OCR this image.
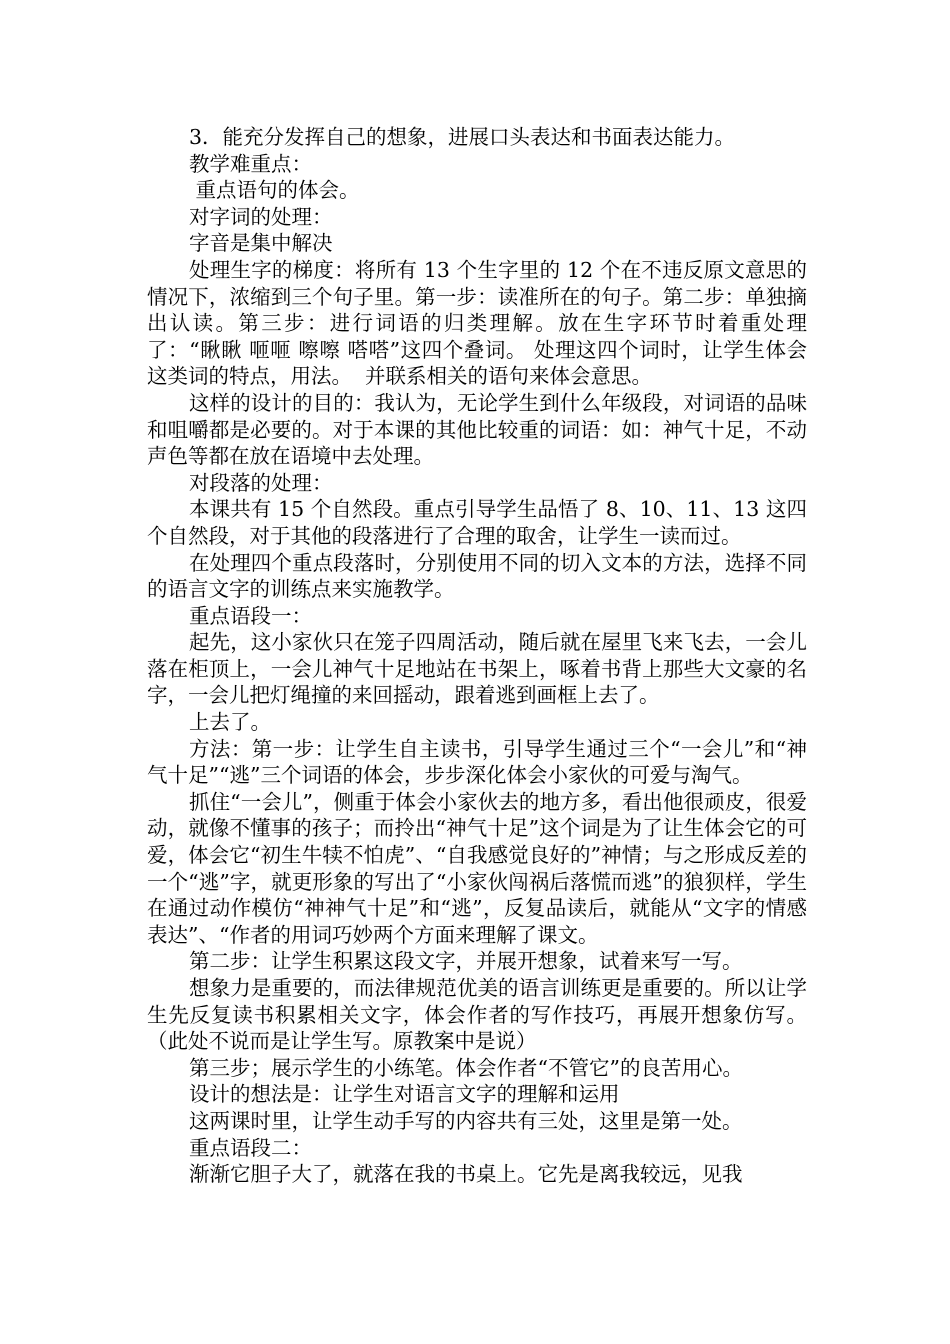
3．能充分发挥自己的想象，进展口头表达和书面表达能力。

教学难重点：

重点语句的体会。

对字词的处理：

字音是集中解决

处理生字的梯度：将所有 13 个生字里的 12 个在不违反原文意思的情况下，浓缩到三个句子里。第一步：读准所在的句子。第二步：单独摘出认读。第三步：进行词语的归类理解。放在生字环节时着重处理了：“瞅瞅 咂咂 嚓嚓 嗒嗒”这四个叠词。 处理这四个词时，让学生体会这类词的特点，用法。  并联系相关的语句来体会意思。

这样的设计的目的：我认为，无论学生到什么年级段，对词语的品味和咀嚼都是必要的。对于本课的其他比较重的词语：如：神气十足，不动声色等都在放在语境中去处理。

对段落的处理：

本课共有 15 个自然段。重点引导学生品悟了 8、10、11、13 这四个自然段，对于其他的段落进行了合理的取舍，让学生一读而过。

在处理四个重点段落时，分别使用不同的切入文本的方法，选择不同的语言文字的训练点来实施教学。

重点语段一：

起先，这小家伙只在笼子四周活动，随后就在屋里飞来飞去，一会儿落在柜顶上，一会儿神气十足地站在书架上，啄着书背上那些大文豪的名字，一会儿把灯绳撞的来回摇动，跟着逃到画框上去了。

上去了。

方法：第一步：让学生自主读书，引导学生通过三个“一会儿”和“神气十足”“逃”三个词语的体会，步步深化体会小家伙的可爱与淘气。

抓住“一会儿”，侧重于体会小家伙去的地方多，看出他很顽皮，很爱动，就像不懂事的孩子；而拎出“神气十足”这个词是为了让生体会它的可爱，体会它“初生牛犊不怕虎”、“自我感觉良好的”神情；与之形成反差的一个“逃”字，就更形象的写出了“小家伙闯祸后落慌而逃”的狼狈样，学生在通过动作模仿“神神气十足”和“逃”，反复品读后，就能从“文字的情感表达”、“作者的用词巧妙两个方面来理解了课文。

第二步：让学生积累这段文字，并展开想象，试着来写一写。

想象力是重要的，而法律规范优美的语言训练更是重要的。所以让学生先反复读书积累相关文字，体会作者的写作技巧，再展开想象仿写。（此处不说而是让学生写。原教案中是说）

第三步；展示学生的小练笔。体会作者“不管它”的良苦用心。

设计的想法是：让学生对语言文字的理解和运用

这两课时里，让学生动手写的内容共有三处，这里是第一处。

重点语段二：

渐渐它胆子大了，就落在我的书桌上。它先是离我较远，见我
